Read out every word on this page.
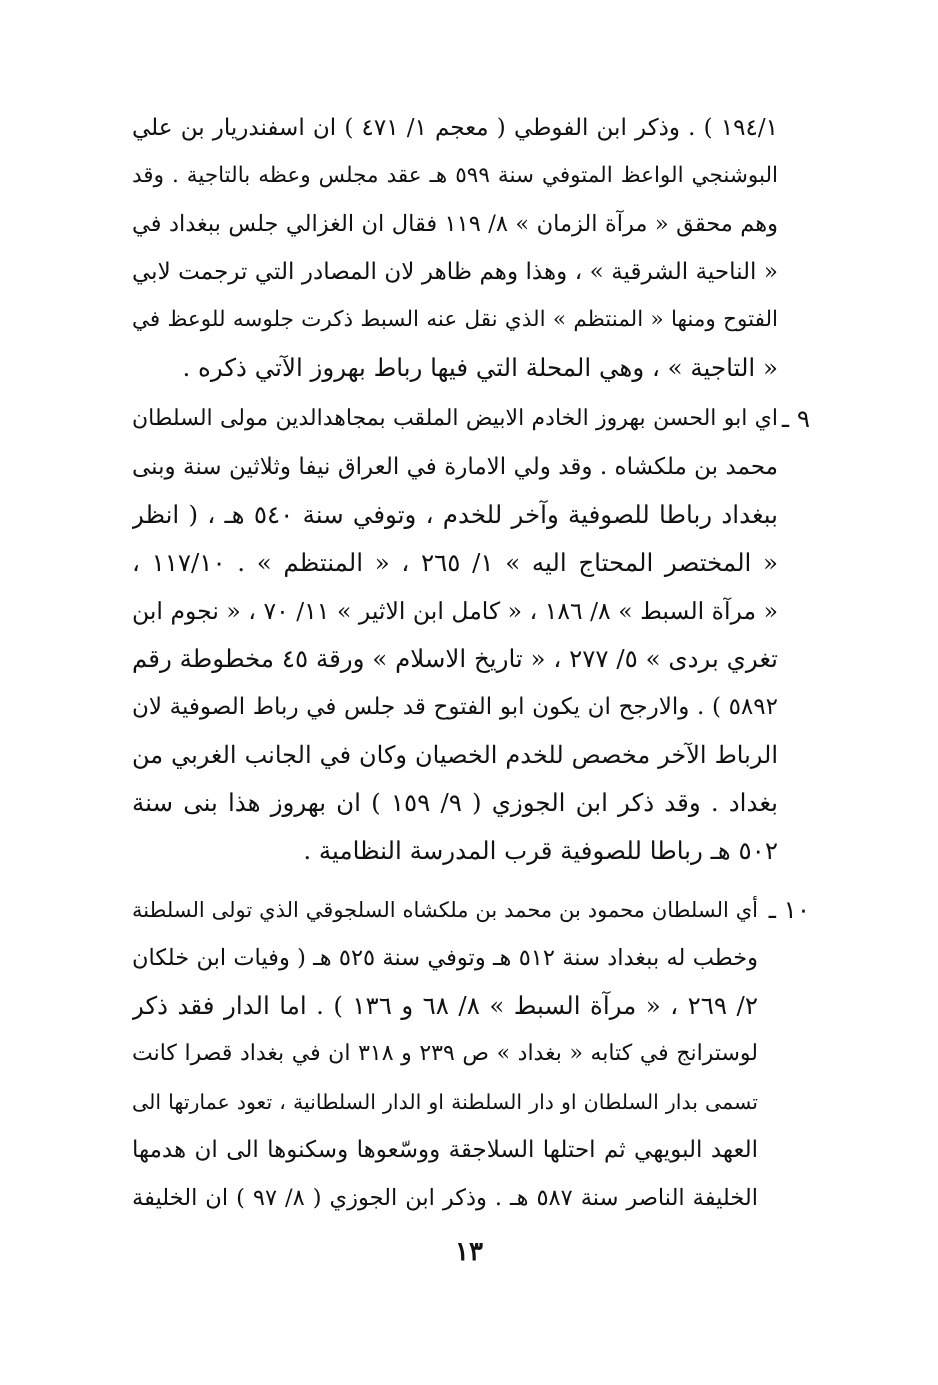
١٩٤/١ ) . وذكر ابن الفوطي ( معجم ١/ ٤٧١ ) ان اسفندريار بن علي
البوشنجي الواعظ المتوفي سنة ٥٩٩ هـ عقد مجلس وعظه بالتاجية . وقد
وهم محقق « مرآة الزمان » ٨/ ١١٩ فقال ان الغزالي جلس ببغداد في
« الناحية الشرقية » ، وهذا وهم ظاهر لان المصادر التي ترجمت لابي
الفتوح ومنها « المنتظم » الذي نقل عنه السبط ذكرت جلوسه للوعظ في
« التاجية » ، وهي المحلة التي فيها رباط بهروز الآتي ذكره .
٩ ـ
اي ابو الحسن بهروز الخادم الابيض الملقب بمجاهدالدين مولى السلطان
محمد بن ملكشاه . وقد ولي الامارة في العراق نيفا وثلاثين سنة وبنى
ببغداد رباطا للصوفية وآخر للخدم ، وتوفي سنة ٥٤٠ هـ ، ( انظر
« المختصر المحتاج اليه » ١/ ٢٦٥ ، « المنتظم » . ١١٧/١٠ ،
« مرآة السبط » ٨/ ١٨٦ ، « كامل ابن الاثير » ١١/ ٧٠ ، « نجوم ابن
تغري بردى » ٥/ ٢٧٧ ، « تاريخ الاسلام » ورقة ٤٥ مخطوطة رقم
٥٨٩٢ ) . والارجح ان يكون ابو الفتوح قد جلس في رباط الصوفية لان
الرباط الآخر مخصص للخدم الخصيان وكان في الجانب الغربي من
بغداد . وقد ذكر ابن الجوزي ( ٩/ ١٥٩ ) ان بهروز هذا بنى سنة
٥٠٢ هـ رباطا للصوفية قرب المدرسة النظامية .
١٠ ـ
أي السلطان محمود بن محمد بن ملكشاه السلجوقي الذي تولى السلطنة
وخطب له ببغداد سنة ٥١٢ هـ وتوفي سنة ٥٢٥ هـ ( وفيات ابن خلكان
٢/ ٢٦٩ ، « مرآة السبط » ٨/ ٦٨ و ١٣٦ ) . اما الدار فقد ذكر
لوسترانج في كتابه « بغداد » ص ٢٣٩ و ٣١٨ ان في بغداد قصرا كانت
تسمى بدار السلطان او دار السلطنة او الدار السلطانية ، تعود عمارتها الى
العهد البويهي ثم احتلها السلاجقة ووسّعوها وسكنوها الى ان هدمها
الخليفة الناصر سنة ٥٨٧ هـ . وذكر ابن الجوزي ( ٨/ ٩٧ ) ان الخليفة
١٣
